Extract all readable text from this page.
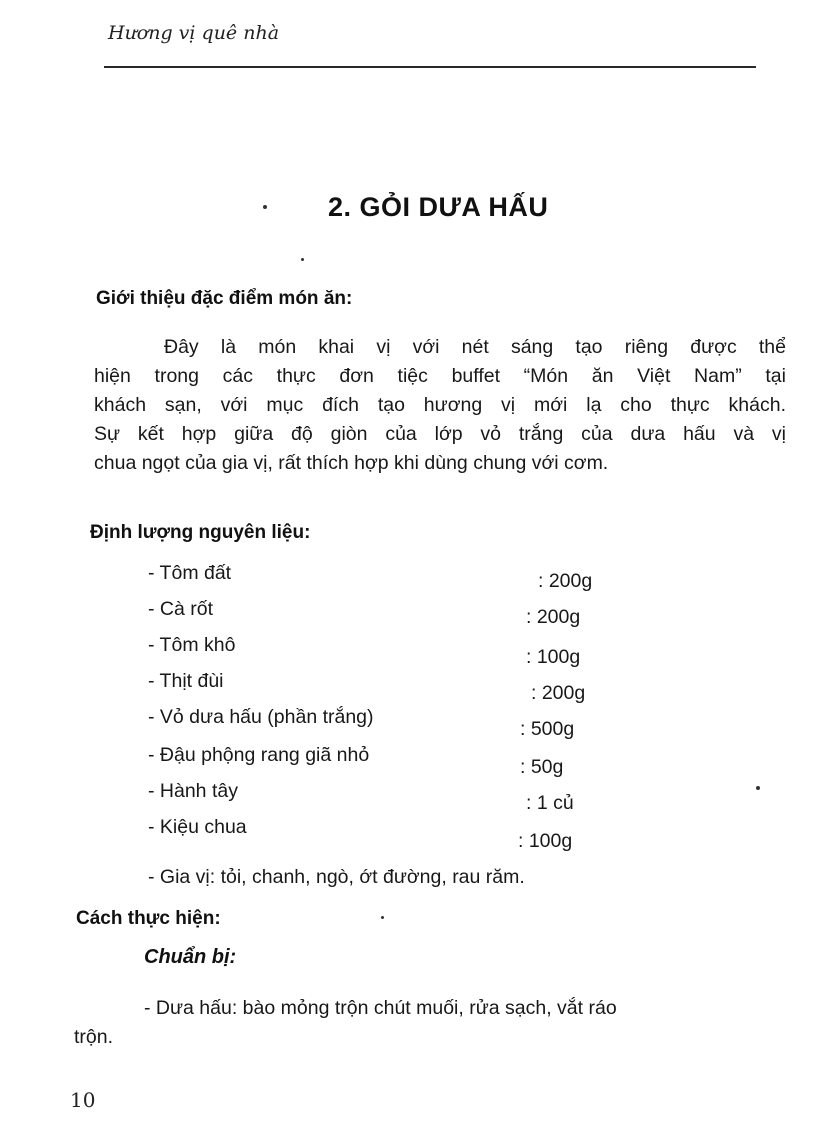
Hương vị quê nhà
2. GỎI DƯA HẤU
Giới thiệu đặc điểm món ăn:
Đây là món khai vị với nét sáng tạo riêng được thể
hiện trong các thực đơn tiệc buffet “Món ăn Việt Nam” tại
khách sạn, với mục đích tạo hương vị mới lạ cho thực khách.
Sự kết hợp giữa độ giòn của lớp vỏ trắng của dưa hấu và vị
chua ngọt của gia vị, rất thích hợp khi dùng chung với cơm.
Định lượng nguyên liệu:
- Tôm đất	: 200g
- Cà rốt	: 200g
- Tôm khô
: 100g
- Thịt đùi
: 200g
- Vỏ dưa hấu (phần trắng)
: 500g
- Đậu phộng rang giã nhỏ
: 50g
- Hành tây
: 1 củ
- Kiệu chua
: 100g
- Gia vị: tỏi, chanh, ngò, ớt đường, rau răm.
Cách thực hiện:
Chuẩn bị:
- Dưa hấu: bào mỏng trộn chút muối, rửa sạch, vắt ráo
trộn.
10
